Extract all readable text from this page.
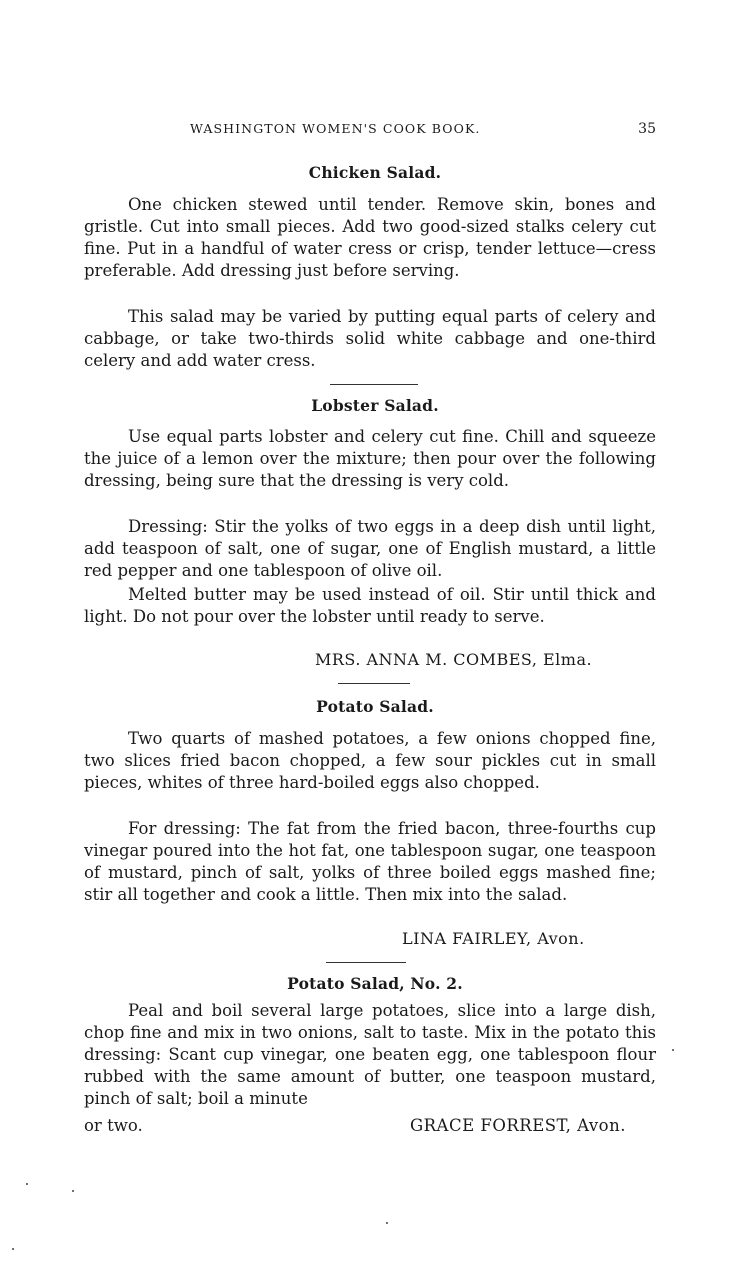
WASHINGTON WOMEN'S COOK BOOK.	35
Chicken Salad.

One chicken stewed until tender. Remove skin, bones and gristle. Cut into small pieces. Add two good-sized stalks celery cut fine. Put in a handful of water cress or crisp, tender lettuce—cress preferable. Add dressing just before serving.

This salad may be varied by putting equal parts of celery and cabbage, or take two-thirds solid white cabbage and one-third celery and add water cress.

Lobster Salad.

Use equal parts lobster and celery cut fine. Chill and squeeze the juice of a lemon over the mixture; then pour over the following dressing, being sure that the dressing is very cold.

Dressing: Stir the yolks of two eggs in a deep dish until light, add teaspoon of salt, one of sugar, one of English mustard, a little red pepper and one tablespoon of olive oil.

Melted butter may be used instead of oil. Stir until thick and light. Do not pour over the lobster until ready to serve.

MRS. ANNA M. COMBES, Elma.
Potato Salad.

Two quarts of mashed potatoes, a few onions chopped fine, two slices fried bacon chopped, a few sour pickles cut in small pieces, whites of three hard-boiled eggs also chopped.

For dressing: The fat from the fried bacon, three-fourths cup vinegar poured into the hot fat, one tablespoon sugar, one teaspoon of mustard, pinch of salt, yolks of three boiled eggs mashed fine; stir all together and cook a little. Then mix into the salad.

LINA FAIRLEY, Avon.
Potato Salad, No. 2.

Peal and boil several large potatoes, slice into a large dish, chop fine and mix in two onions, salt to taste. Mix in the potato this dressing: Scant cup vinegar, one beaten egg, one tablespoon flour rubbed with the same amount of butter, one teaspoon mustard, pinch of salt; boil a minute

or two.	GRACE FORREST, Avon.
